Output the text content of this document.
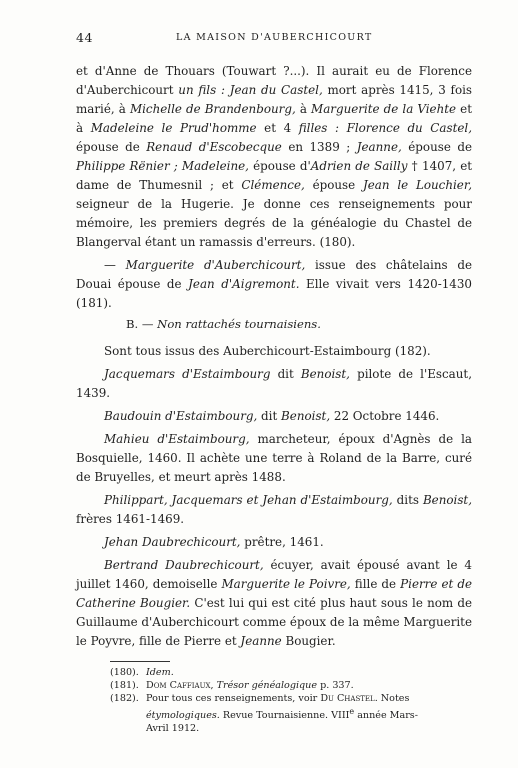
44	LA MAISON D'AUBERCHICOURT

et d'Anne de Thouars (Touwart ?...). Il aurait eu de Florence d'Auberchicourt un fils : Jean du Castel, mort après 1415, 3 fois marié, à Michelle de Brandenbourg, à Marguerite de la Viehte et à Madeleine le Prud'homme et 4 filles : Florence du Castel, épouse de Renaud d'Escobecque en 1389 ; Jeanne, épouse de Philippe Rënier ; Madeleine, épouse d'Adrien de Sailly † 1407, et dame de Thumesnil ; et Clémence, épouse Jean le Louchier, seigneur de la Hugerie. Je donne ces renseignements pour mémoire, les premiers degrés de la généalogie du Chastel de Blangerval étant un ramassis d'erreurs. (180).

— Marguerite d'Auberchicourt, issue des châtelains de Douai épouse de Jean d'Aigremont. Elle vivait vers 1420-1430 (181).

B. — Non rattachés tournaisiens.

Sont tous issus des Auberchicourt-Estaimbourg (182).

Jacquemars d'Estaimbourg dit Benoist, pilote de l'Escaut, 1439.

Baudouin d'Estaimbourg, dit Benoist, 22 Octobre 1446.

Mahieu d'Estaimbourg, marcheteur, époux d'Agnès de la Bosquielle, 1460. Il achète une terre à Roland de la Barre, curé de Bruyelles, et meurt après 1488.

Philippart, Jacquemars et Jehan d'Estaimbourg, dits Benoist, frères 1461-1469.

Jehan Daubrechicourt, prêtre, 1461.

Bertrand Daubrechicourt, écuyer, avait épousé avant le 4 juillet 1460, demoiselle Marguerite le Poivre, fille de Pierre et de Catherine Bougier. C'est lui qui est cité plus haut sous le nom de Guillaume d'Auberchicourt comme époux de la même Marguerite le Poyvre, fille de Pierre et Jeanne Bougier.

(180). Idem.
(181). Dom Caffiaux, Trésor généalogique p. 337.
(182). Pour tous ces renseignements, voir Du Chastel. Notes étymologiques. Revue Tournaisienne. VIIIe année Mars-Avril 1912.
